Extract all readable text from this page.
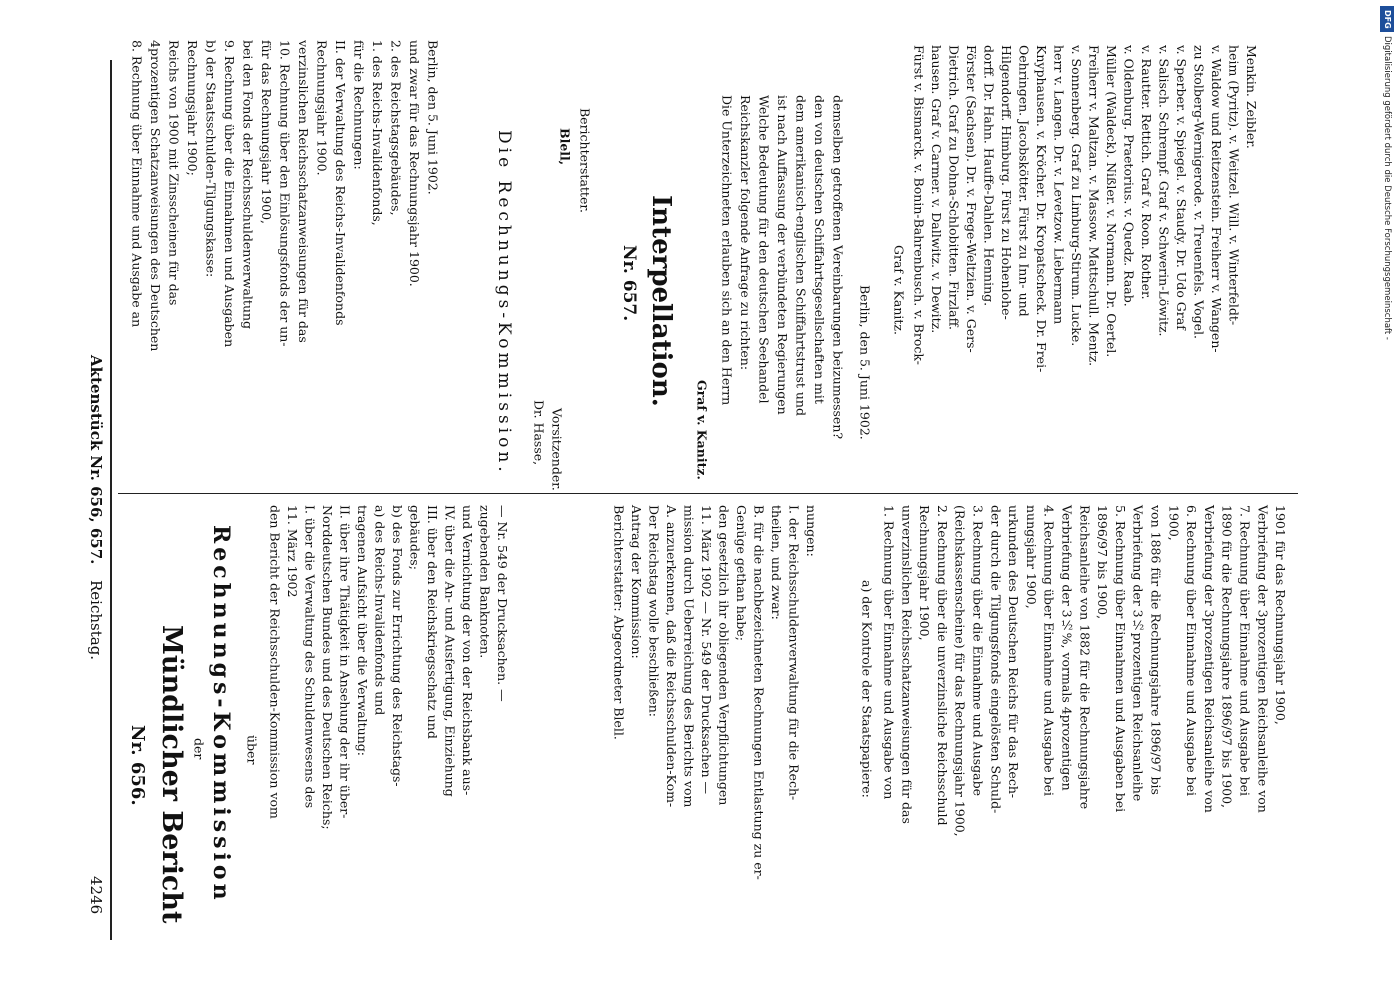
4246
Reichstag.
Aktenstück Nr. 656, 657.
Nr. 656. Mündlicher Bericht der Rechnungs-Kommission über den Bericht der Reichsschulden-Kommission vom 11. März 1902 I. über die Verwaltung des Schuldenwesens des Norddeutschen Bundes und des Deutschen Reichs; II. über ihre Thätigkeit in Ansehung der ihr über- tragenen Aufsicht über die Verwaltung: a) des Reichs-Invalidenfonds und b) des Fonds zur Errichtung des Reichstags- gebäudes; III. über den Reichskriegsschatz und IV. über die An- und Ausfertigung, Einziehung und Vernichtung der von der Reichsbank aus- zugebenden Banknoten. — Nr. 549 der Drucksachen. —	Berichterstatter: Abgeordneter Blell. Antrag der Kommission: Der Reichstag wolle beschließen: A. anzuerkennen, daß die Reichsschulden-Kom- mission durch Ueberreichung des Berichts vom 11. März 1902 — Nr. 549 der Drucksachen — den gesetzlich ihr obliegenden Verpflichtungen Genüge gethan habe; B. für die nachbezeichneten Rechnungen Entlastung zu er- theilen, und zwar: I. der Reichsschuldenverwaltung für die Rech- nungen:
a) der Kontrole der Staatspapiere: 1. Rechnung über Einnahme und Ausgabe von unverzinslichen Reichsschatzanweisungen für das Rechnungsjahr 1900, 2. Rechnung über die unverzinsliche Reichsschuld (Reichskassenscheine) für das Rechnungsjahr 1900, 3. Rechnung über die Einnahme und Ausgabe der durch die Tilgungsfonds eingelösten Schuld- urkunden des Deutschen Reichs für das Rech- nungsjahr 1900, 4. Rechnung über Einnahme und Ausgabe bei Verbriefung der 3½%, vormals 4prozentigen Reichsanleihe von 1882 für die Rechnungsjahre 1896/97 bis 1900, 5. Rechnung über Einnahmen und Ausgaben bei Verbriefung der 3½prozentigen Reichsanleihe von 1886 für die Rechnungsjahre 1896/97 bis 1900, 6. Rechnung über Einnahme und Ausgabe bei Verbriefung der 3prozentigen Reichsanleihe von 1890 für die Rechnungsjahre 1896/97 bis 1900, 7. Rechnung über Einnahme und Ausgabe bei Verbriefung der 3prozentigen Reichsanleihe von 1901 für das Rechnungsjahr 1900,
8. Rechnung über Einnahme und Ausgabe an 4prozentigen Schatzanweisungen des Deutschen Reichs von 1900 mit Zinsscheinen für das Rechnungsjahr 1900; b) der Staatsschulden-Tilgungskasse: 9. Rechnung über die Einnahmen und Ausgaben bei den Fonds der Reichsschuldenverwaltung für das Rechnungsjahr 1900, 10. Rechnung über den Einlösungsfonds der un- verzinslichen Reichsschatzanweisungen für das Rechnungsjahr 1900. II. der Verwaltung des Reichs-Invalidenfonds für die Rechnungen: 1. des Reichs-Invalidenfonds, 2. des Reichstagsgebäudes, und zwar für das Rechnungsjahr 1900. Berlin, den 5. Juni 1902.
Die Rechnungs-Kommission. Dr. Hasse, Vorsitzender.
Blell, Berichterstatter.
Nr. 657. Interpellation.
Graf v. Kanitz.
Die Unterzeichneten erlauben sich an den Herrn Reichskanzler folgende Anfrage zu richten: Welche Bedeutung für den deutschen Seehandel ist nach Auffassung der verbündeten Regierungen dem amerikanisch-englischen Schiffahrtstrust und den von deutschen Schiffahrtsgesellschaften mit demselben getroffenen Vereinbarungen beizumessen? Berlin, den 5. Juni 1902. Graf v. Kanitz. Fürst v. Bismarck. v. Bonin-Bahrenbusch. v. Brock- hausen. Graf v. Carmer. v. Dallwitz. v. Dewitz. Dietrich. Graf zu Dohna-Schlobitten. Firzlaff. Förster (Sachsen). Dr. v. Frege-Weltzien. v. Gers- dorff. Dr. Hahn. Hauffe-Dahlen. Henning. Hilgendorff. Himburg. Fürst zu Hohenlohe- Oehringen. Jacobskötter. Fürst zu Inn- und Knyphausen. v. Kröcher. Dr. Kropatscheck. Dr. Frei- herr v. Langen. Dr. v. Levetzow. Liebermann v. Sonnenberg. Graf zu Limburg-Stirum. Lucke. Freiherr v. Maltzan. v. Massow. Mattschull. Mentz. Müller (Waldeck). Nißler. v. Normann. Dr. Oertel. v. Oldenburg. Praetorius. v. Quedz. Raab. v. Rautter. Rettich. Graf v. Roon. Rother. v. Salisch. Schrempf. Graf v. Schwerin-Löwitz. v. Sperber. v. Spiegel. v. Staudy. Dr. Udo Graf zu Stolberg-Wernigerode. v. Treuenfels. Vogel. v. Waldow und Reitzenstein. Freiherr v. Wangen- heim (Pyritz). v. Weitzel. Will. v. Winterfeldt- Menkin. Zeibler.
DFG
Digitalisierung gefördert durch die Deutsche Forschungsgemeinschaft -
